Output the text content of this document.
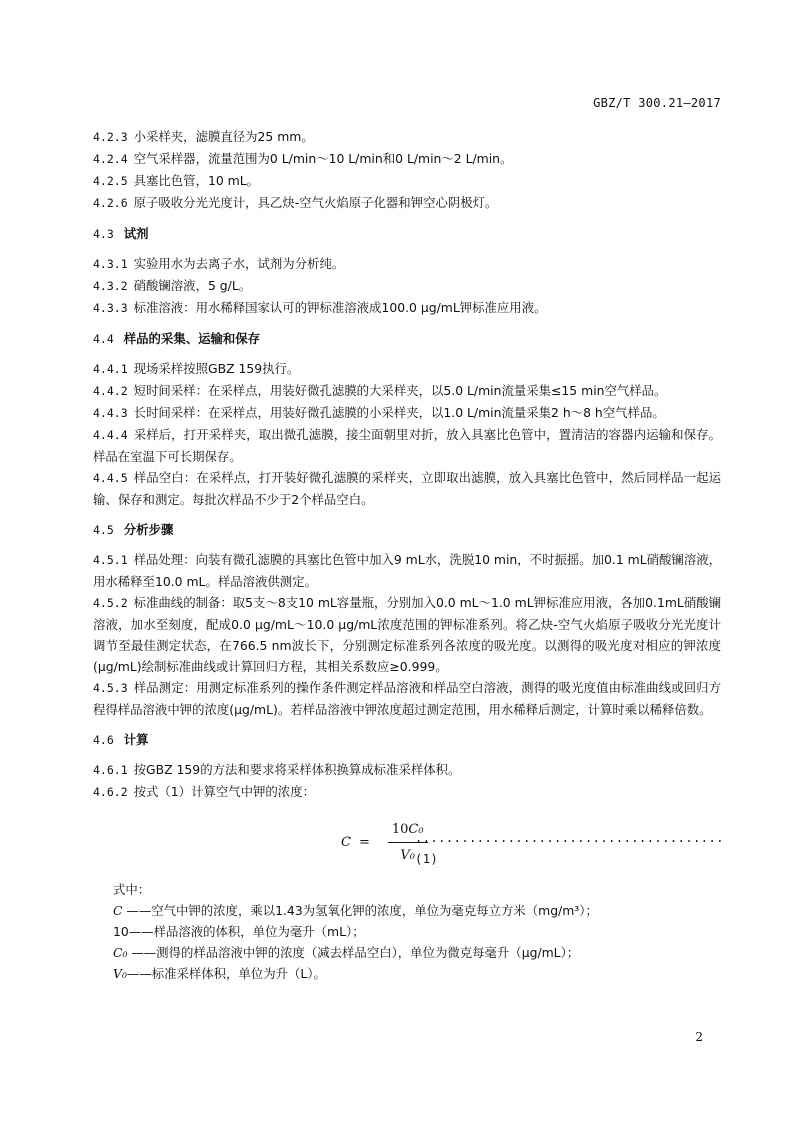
GBZ/T 300.21—2017

4.2.3 小采样夹，滤膜直径为25 mm。

4.2.4 空气采样器，流量范围为0 L/min～10 L/min和0 L/min～2 L/min。

4.2.5 具塞比色管，10 mL。

4.2.6 原子吸收分光光度计，具乙炔-空气火焰原子化器和钾空心阴极灯。

4.3 试剂

4.3.1 实验用水为去离子水，试剂为分析纯。

4.3.2 硝酸镧溶液，5 g/L。

4.3.3 标准溶液：用水稀释国家认可的钾标准溶液成100.0 μg/mL钾标准应用液。

4.4 样品的采集、运输和保存

4.4.1 现场采样按照GBZ 159执行。

4.4.2 短时间采样：在采样点，用装好微孔滤膜的大采样夹，以5.0 L/min流量采集≤15 min空气样品。

4.4.3 长时间采样：在采样点，用装好微孔滤膜的小采样夹，以1.0 L/min流量采集2 h～8 h空气样品。

4.4.4 采样后，打开采样夹，取出微孔滤膜，接尘面朝里对折，放入具塞比色管中，置清洁的容器内运输和保存。样品在室温下可长期保存。

4.4.5 样品空白：在采样点，打开装好微孔滤膜的采样夹，立即取出滤膜，放入具塞比色管中，然后同样品一起运输、保存和测定。每批次样品不少于2个样品空白。

4.5 分析步骤

4.5.1 样品处理：向装有微孔滤膜的具塞比色管中加入9 mL水，洗脱10 min，不时振摇。加0.1 mL硝酸镧溶液，用水稀释至10.0 mL。样品溶液供测定。

4.5.2 标准曲线的制备：取5支～8支10 mL容量瓶，分别加入0.0 mL～1.0 mL钾标准应用液，各加0.1mL硝酸镧溶液，加水至刻度，配成0.0 μg/mL～10.0 μg/mL浓度范围的钾标准系列。将乙炔-空气火焰原子吸收分光光度计调节至最佳测定状态，在766.5 nm波长下，分别测定标准系列各浓度的吸光度。以测得的吸光度对相应的钾浓度(μg/mL)绘制标准曲线或计算回归方程，其相关系数应≥0.999。

4.5.3 样品测定：用测定标准系列的操作条件测定样品溶液和样品空白溶液，测得的吸光度值由标准曲线或回归方程得样品溶液中钾的浓度(μg/mL)。若样品溶液中钾浓度超过测定范围，用水稀释后测定，计算时乘以稀释倍数。

4.6 计算

4.6.1 按GBZ 159的方法和要求将采样体积换算成标准采样体积。

4.6.2 按式（1）计算空气中钾的浓度：

$C = \frac{\text{10C₀}}{\text{V₀}}$
........................................ (1)

式中：

C ——空气中钾的浓度，乘以1.43为氢氧化钾的浓度，单位为毫克每立方米（mg/m³）；

10——样品溶液的体积，单位为毫升（mL）；

C₀ ——测得的样品溶液中钾的浓度（减去样品空白），单位为微克每毫升（μg/mL）；

V₀——标准采样体积，单位为升（L）。

2
